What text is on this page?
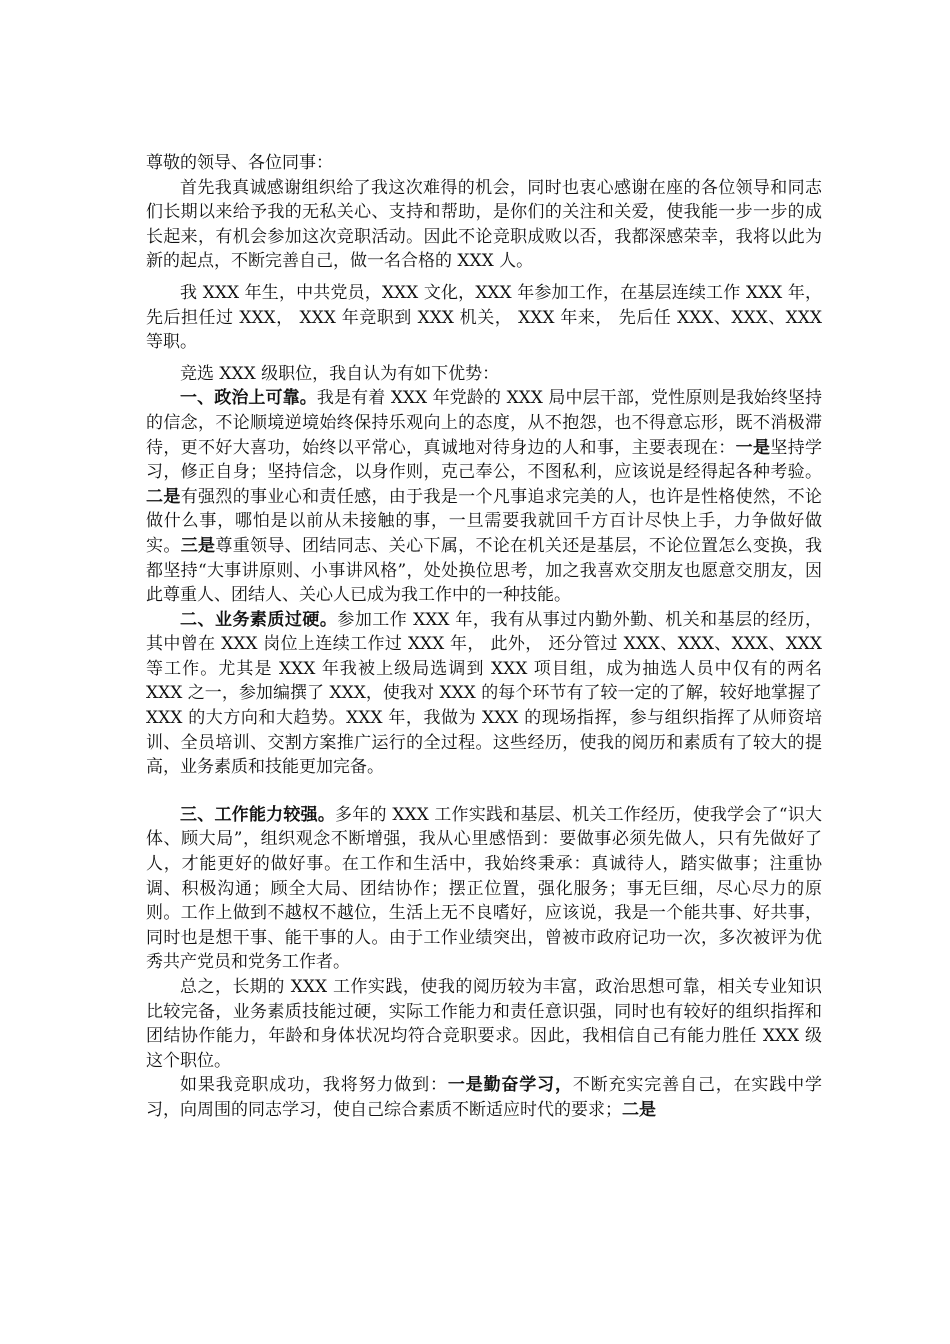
尊敬的领导、各位同事：

首先我真诚感谢组织给了我这次难得的机会，同时也衷心感谢在座的各位领导和同志们长期以来给予我的无私关心、支持和帮助，是你们的关注和关爱，使我能一步一步的成长起来，有机会参加这次竞职活动。因此不论竞职成败以否，我都深感荣幸，我将以此为新的起点，不断完善自己，做一名合格的 XXX 人。

我 XXX 年生，中共党员，XXX 文化，XXX 年参加工作，在基层连续工作 XXX 年， 先后担任过 XXX， XXX 年竞职到 XXX 机关， XXX 年来， 先后任 XXX、XXX、XXX 等职。

竞选 XXX 级职位，我自认为有如下优势：

一、政治上可靠。我是有着 XXX 年党龄的 XXX 局中层干部，党性原则是我始终坚持的信念，不论顺境逆境始终保持乐观向上的态度，从不抱怨，也不得意忘形，既不消极滞待，更不好大喜功，始终以平常心，真诚地对待身边的人和事，主要表现在：一是坚持学习，修正自身；坚持信念，以身作则，克己奉公，不图私利，应该说是经得起各种考验。二是有强烈的事业心和责任感，由于我是一个凡事追求完美的人，也许是性格使然，不论做什么事，哪怕是以前从未接触的事，一旦需要我就回千方百计尽快上手，力争做好做实。三是尊重领导、团结同志、关心下属，不论在机关还是基层，不论位置怎么变换，我都坚持“大事讲原则、小事讲风格”，处处换位思考，加之我喜欢交朋友也愿意交朋友，因此尊重人、团结人、关心人已成为我工作中的一种技能。

二、业务素质过硬。参加工作 XXX 年，我有从事过内勤外勤、机关和基层的经历， 其中曾在 XXX 岗位上连续工作过 XXX 年， 此外， 还分管过 XXX、XXX、XXX、XXX 等工作。尤其是 XXX 年我被上级局选调到 XXX 项目组，成为抽选人员中仅有的两名 XXX 之一，参加编撰了 XXX，使我对 XXX 的每个环节有了较一定的了解，较好地掌握了 XXX 的大方向和大趋势。XXX 年，我做为 XXX 的现场指挥，参与组织指挥了从师资培训、全员培训、交割方案推广运行的全过程。这些经历，使我的阅历和素质有了较大的提高，业务素质和技能更加完备。

三、工作能力较强。多年的 XXX 工作实践和基层、机关工作经历，使我学会了“识大体、顾大局”，组织观念不断增强，我从心里感悟到：要做事必须先做人，只有先做好了人，才能更好的做好事。在工作和生活中，我始终秉承：真诚待人，踏实做事；注重协调、积极沟通；顾全大局、团结协作；摆正位置，强化服务；事无巨细，尽心尽力的原则。工作上做到不越权不越位，生活上无不良嗜好，应该说，我是一个能共事、好共事，同时也是想干事、能干事的人。由于工作业绩突出，曾被市政府记功一次，多次被评为优秀共产党员和党务工作者。

总之，长期的 XXX 工作实践，使我的阅历较为丰富，政治思想可靠，相关专业知识比较完备，业务素质技能过硬，实际工作能力和责任意识强，同时也有较好的组织指挥和团结协作能力，年龄和身体状况均符合竞职要求。因此，我相信自己有能力胜任 XXX 级这个职位。

如果我竞职成功，我将努力做到：一是勤奋学习，不断充实完善自己，在实践中学习，向周围的同志学习，使自己综合素质不断适应时代的要求；二是
